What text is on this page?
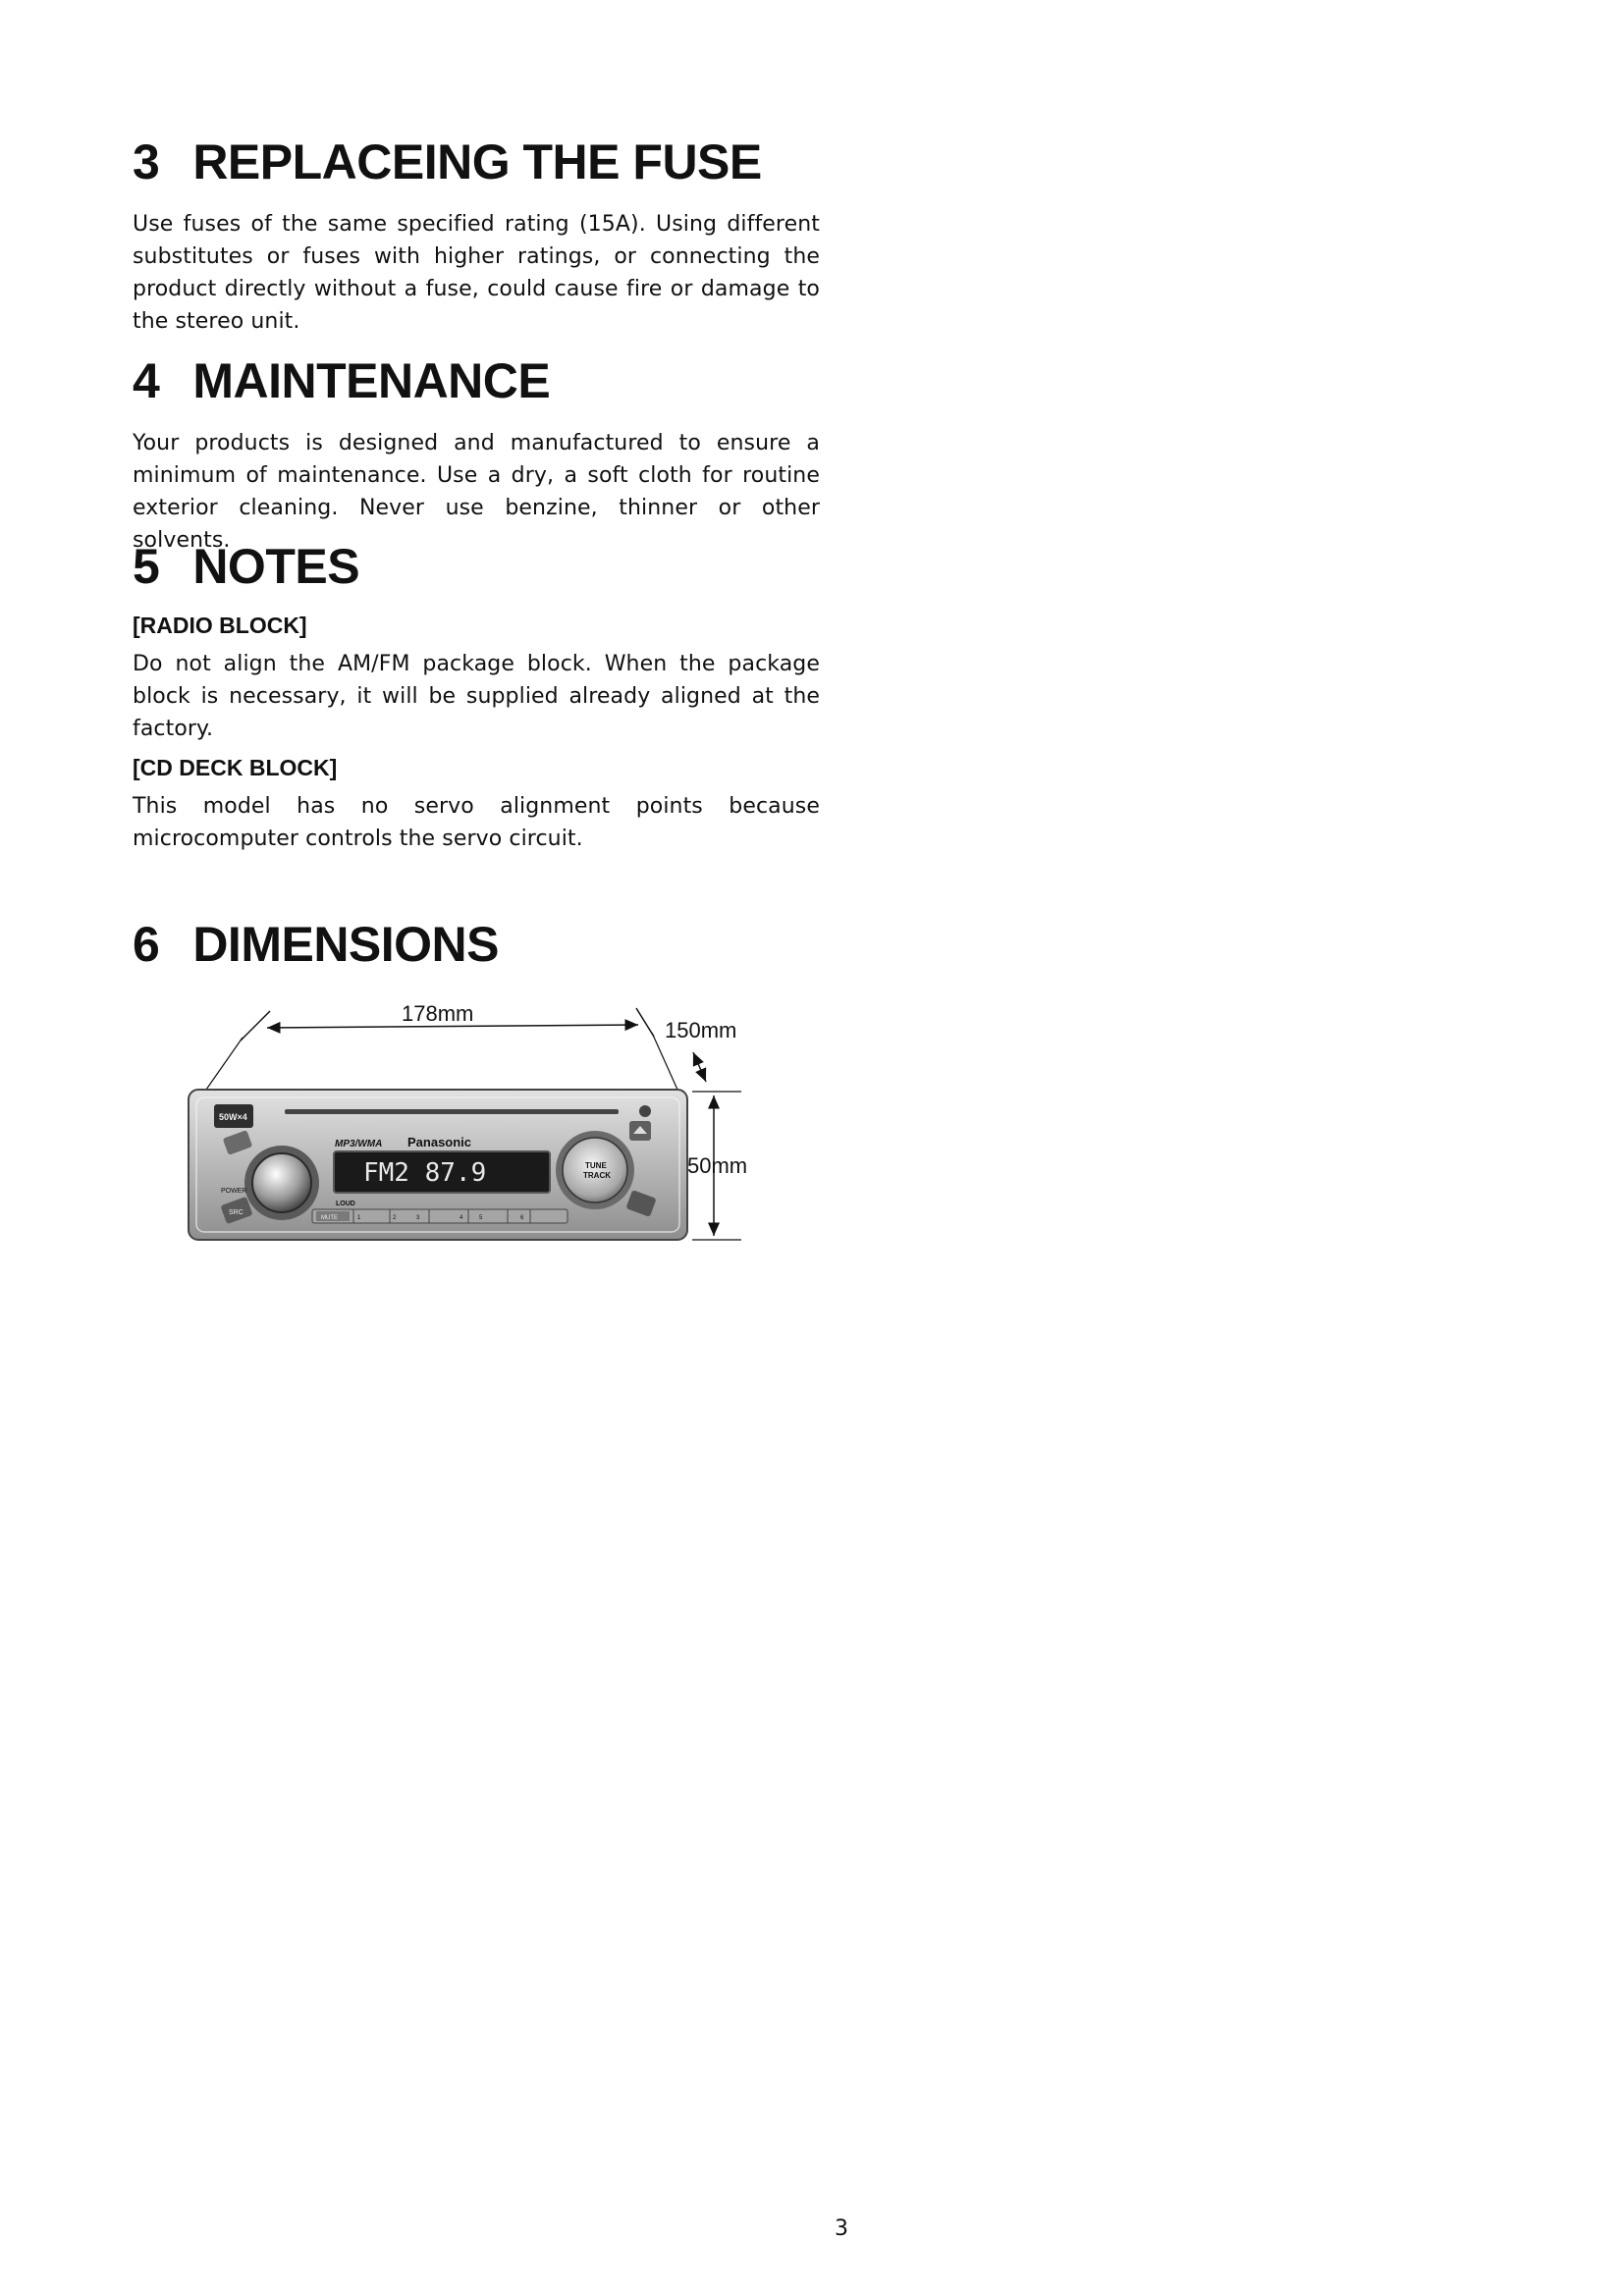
3 REPLACEING THE FUSE

Use fuses of the same specified rating (15A). Using different substitutes or fuses with higher ratings, or connecting the product directly without a fuse, could cause fire or damage to the stereo unit.

4 MAINTENANCE

Your products is designed and manufactured to ensure a minimum of maintenance. Use a dry, a soft cloth for routine exterior cleaning. Never use benzine, thinner or other solvents.

5 NOTES
[RADIO BLOCK]

Do not align the AM/FM package block. When the package block is necessary, it will be supplied already aligned at the factory.

[CD DECK BLOCK]

This model has no servo alignment points because microcomputer controls the servo circuit.

6 DIMENSIONS
178mm
150mm
50mm
50W×4
POWER
SRC
MP3/WMA Panasonic
FM2 87.9
LOUD
TUNE
TRACK
MUTE	1	2	3	4	5	6
3
